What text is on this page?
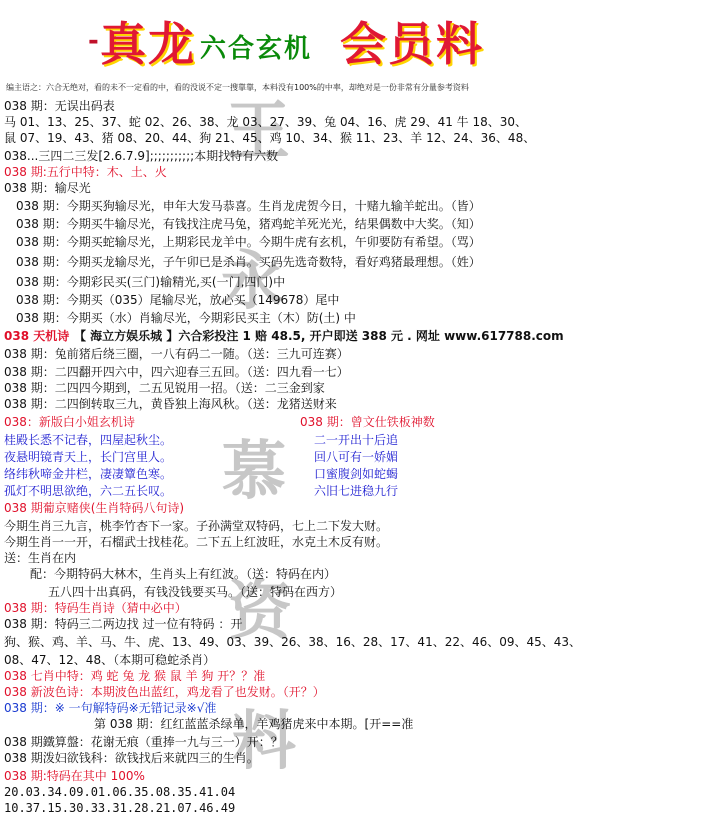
- 真龙 六合玄机 会员料
编主语之：六合无绝对，看的未不一定看的中，看的没说不定一搜靠靠，本料没有100%的中率，却绝对是一份非常有分量参考资料
王
永
慕
资
料
038 期：无误出码表
马 01、13、25、37、蛇 02、26、38、龙 03、27、39、兔 04、16、虎 29、41 牛 18、30、
鼠 07、19、43、猪 08、20、44、狗 21、45、鸡 10、34、猴 11、23、羊 12、24、36、48、
038...三四二三发[2.6.7.9];;;;;;;;;;;本期找特有六数
038 期:五行中特：木、土、火
038 期：输尽光
038 期：今期买狗输尽光，申年大发马恭喜。生肖龙虎贺今日，十赌九输羊蛇出。（皆）
038 期：今期买牛输尽光，有钱找注虎马兔，猪鸡蛇羊死光光，结果偶数中大奖。（知）
038 期：今期买蛇输尽光，上期彩民龙羊中。今期牛虎有玄机，午卯要防有希望。（骂）
038 期：今期买龙输尽光，子午卯已是杀肖。买码先选奇数特，看好鸡猪最理想。（姓）
038 期：今期彩民买(三门)输精光,买(一门,四门)中
038 期：今期买（035）尾输尽光，放心买（149678）尾中
038 期：今期买（水）肖输尽光，今期彩民买主（木）防(土) 中
038 天机诗 【 海立方娱乐城 】六合彩投注 1 赔 48.5, 开户即送 388 元 . 网址 www.617788.com
038 期：兔前猪后绕三圈，一八有码二一随。（送：三九可连赛）
038 期：二四翻开四六中，四六迎春三五回。（送：四九看一七）
038 期：二四四今期到，二五见锐用一招。（送：二三金到家
038 期：二四倒转取三九，黄昏独上海风秋。（送：龙猪送财来
038：新版白小姐玄机诗	038 期：曾文仕铁板神数
桂殿长悉不记春，四屋起秋尘。	二一开出十后追
夜悬明镜青天上，长门宫里人。	回八可有一娇媚
络纬秋啼金井栏，凄凄簟色寒。	口蜜腹剑如蛇蝎
孤灯不明思欲绝，六二五长叹。	六旧七进稳九行
038 期葡京赌侠(生肖特码八句诗)
今期生肖三九言，桃李竹杏下一家。子孙满堂双特码，七上二下发大财。
今期生肖一一开，石榴武士找桂花。二下五上红波旺，水克土木反有财。
送：生肖在内
配：今期特码大林木，生肖头上有红波。（送：特码在内）
五八四十出真码，有钱没钱要买马。（送：特码在西方）
038 期：特码生肖诗（猜中必中）
038 期：特码三二两边找 过一位有特码 ：开
狗、猴、鸡、羊、马、牛、虎、13、49、03、39、26、38、16、28、17、41、22、46、09、45、43、
08、47、12、48、（本期可稳蛇杀肖）
038 七肖中特：鸡 蛇 兔 龙 猴 鼠 羊 狗 开？？准
038 新波色诗：本期波色出蓝红，鸡龙看了也发财。（开？）
038 期：※ 一句解特码※无错记录※√准
第 038 期：红红蓝蓝杀绿单，羊鸡猪虎来中本期。[开==准
038 期鐵算盤：花谢无痕（重捧一九与三一）开：？
038 期泼妇欲钱科：欲钱找后来就四三的生肖。
038 期:特码在其中 100%
20.03.34.09.01.06.35.08.35.41.04
10.37.15.30.33.31.28.21.07.46.49
